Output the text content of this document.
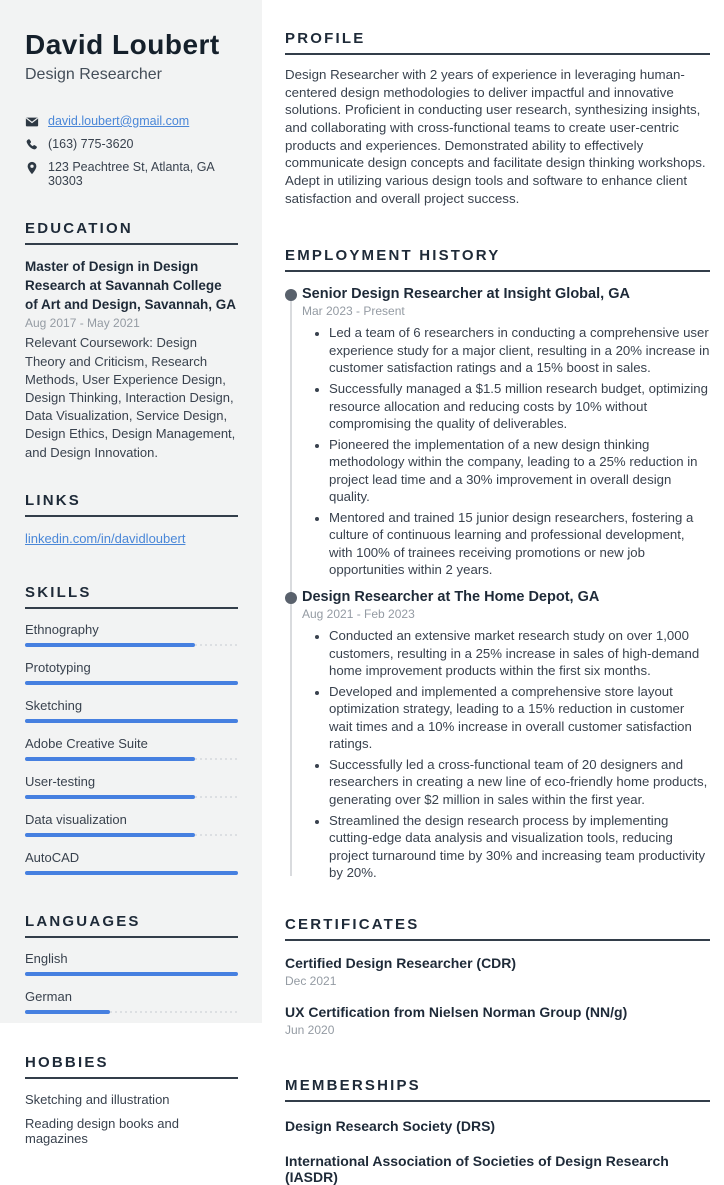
David Loubert
Design Researcher
david.loubert@gmail.com
(163) 775-3620
123 Peachtree St, Atlanta, GA 30303
EDUCATION
Master of Design in Design Research at Savannah College of Art and Design, Savannah, GA
Aug 2017 - May 2021
Relevant Coursework: Design Theory and Criticism, Research Methods, User Experience Design, Design Thinking, Interaction Design, Data Visualization, Service Design, Design Ethics, Design Management, and Design Innovation.
LINKS
linkedin.com/in/davidloubert
SKILLS
Ethnography
Prototyping
Sketching
Adobe Creative Suite
User-testing
Data visualization
AutoCAD
LANGUAGES
English
German
HOBBIES
Sketching and illustration
Reading design books and magazines
PROFILE
Design Researcher with 2 years of experience in leveraging human-centered design methodologies to deliver impactful and innovative solutions. Proficient in conducting user research, synthesizing insights, and collaborating with cross-functional teams to create user-centric products and experiences. Demonstrated ability to effectively communicate design concepts and facilitate design thinking workshops. Adept in utilizing various design tools and software to enhance client satisfaction and overall project success.
EMPLOYMENT HISTORY
Senior Design Researcher at Insight Global, GA
Mar 2023 - Present
• Led a team of 6 researchers in conducting a comprehensive user experience study for a major client, resulting in a 20% increase in customer satisfaction ratings and a 15% boost in sales.
• Successfully managed a $1.5 million research budget, optimizing resource allocation and reducing costs by 10% without compromising the quality of deliverables.
• Pioneered the implementation of a new design thinking methodology within the company, leading to a 25% reduction in project lead time and a 30% improvement in overall design quality.
• Mentored and trained 15 junior design researchers, fostering a culture of continuous learning and professional development, with 100% of trainees receiving promotions or new job opportunities within 2 years.
Design Researcher at The Home Depot, GA
Aug 2021 - Feb 2023
• Conducted an extensive market research study on over 1,000 customers, resulting in a 25% increase in sales of high-demand home improvement products within the first six months.
• Developed and implemented a comprehensive store layout optimization strategy, leading to a 15% reduction in customer wait times and a 10% increase in overall customer satisfaction ratings.
• Successfully led a cross-functional team of 20 designers and researchers in creating a new line of eco-friendly home products, generating over $2 million in sales within the first year.
• Streamlined the design research process by implementing cutting-edge data analysis and visualization tools, reducing project turnaround time by 30% and increasing team productivity by 20%.
CERTIFICATES
Certified Design Researcher (CDR)
Dec 2021
UX Certification from Nielsen Norman Group (NN/g)
Jun 2020
MEMBERSHIPS
Design Research Society (DRS)
International Association of Societies of Design Research (IASDR)
